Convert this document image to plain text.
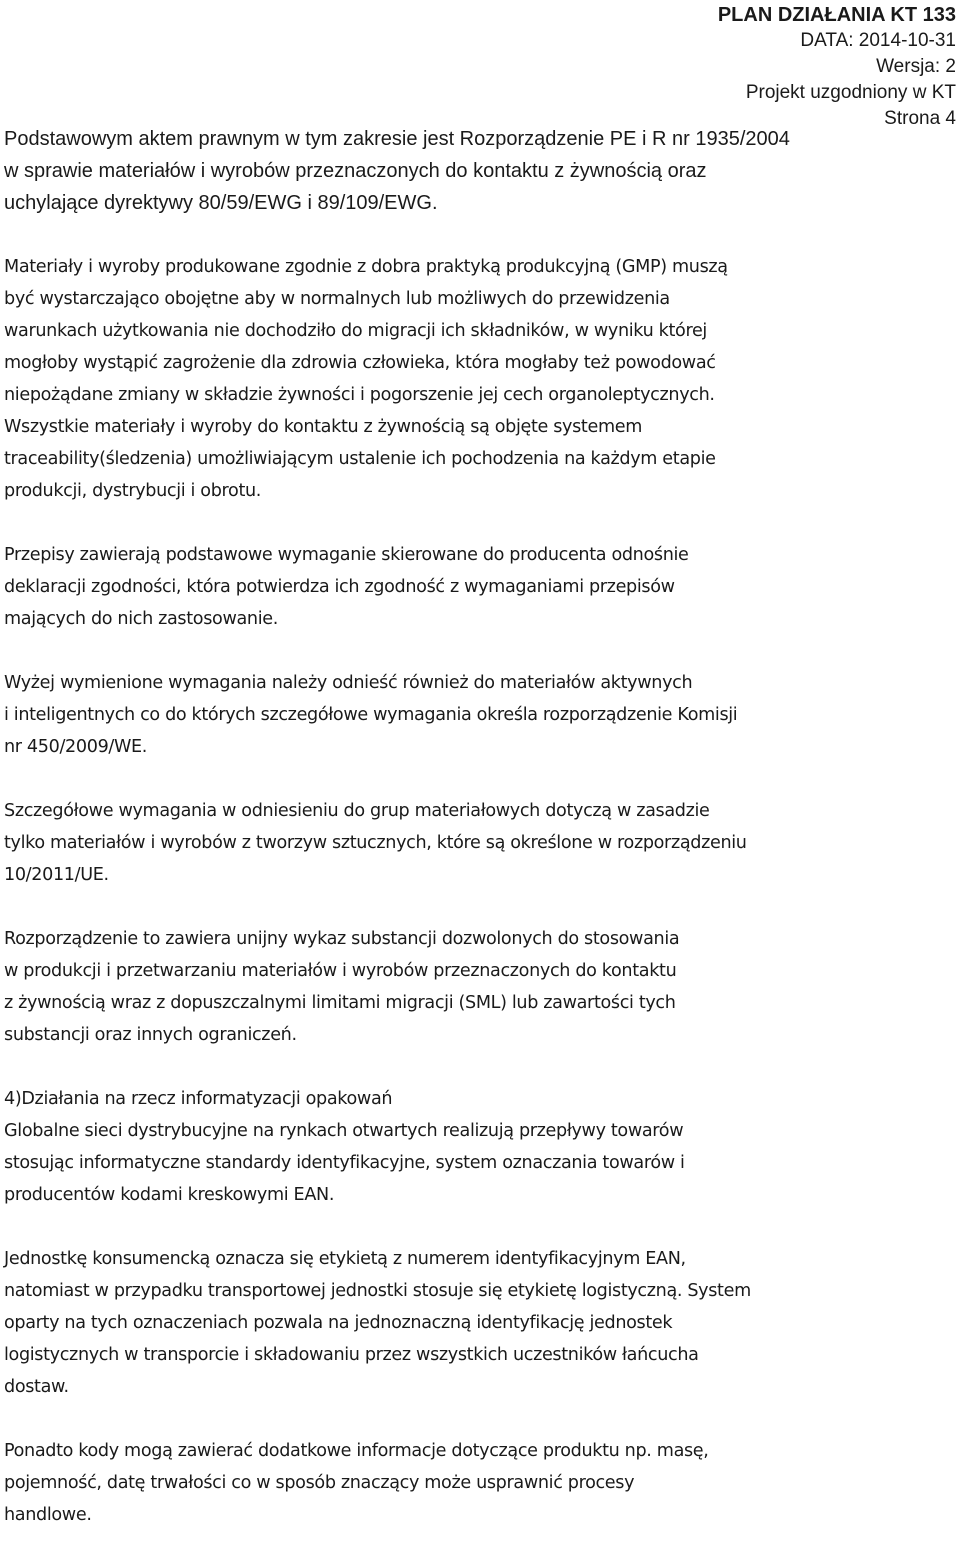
PLAN DZIAŁANIA KT 133
DATA: 2014-10-31
Wersja: 2
Projekt uzgodniony w KT
Strona 4
Podstawowym aktem prawnym w tym zakresie jest Rozporządzenie PE i R nr 1935/2004
w sprawie materiałów i wyrobów przeznaczonych do kontaktu z żywnością oraz
uchylające dyrektywy 80/59/EWG i 89/109/EWG.
Materiały i wyroby produkowane zgodnie z dobra praktyką produkcyjną (GMP) muszą
być wystarczająco obojętne aby w normalnych lub możliwych do przewidzenia
warunkach użytkowania nie dochodziło do migracji ich składników, w wyniku której
mogłoby wystąpić zagrożenie dla zdrowia człowieka, która mogłaby też powodować
niepożądane zmiany w składzie żywności i pogorszenie jej cech organoleptycznych.
Wszystkie materiały i wyroby do kontaktu z żywnością są objęte systemem
traceability(śledzenia) umożliwiającym ustalenie ich pochodzenia na każdym etapie
produkcji, dystrybucji i obrotu.
Przepisy zawierają podstawowe wymaganie skierowane do producenta odnośnie
deklaracji zgodności, która potwierdza ich zgodność z wymaganiami przepisów
mających do nich zastosowanie.
Wyżej wymienione wymagania należy odnieść również do materiałów aktywnych
i inteligentnych co do których szczegółowe wymagania określa rozporządzenie Komisji
nr 450/2009/WE.
Szczegółowe wymagania w odniesieniu do grup materiałowych dotyczą w zasadzie
tylko materiałów i wyrobów z tworzyw sztucznych, które są określone w rozporządzeniu
10/2011/UE.
Rozporządzenie to zawiera unijny wykaz substancji dozwolonych do stosowania
w produkcji i przetwarzaniu materiałów i wyrobów przeznaczonych do kontaktu
z żywnością wraz z dopuszczalnymi limitami migracji (SML) lub zawartości tych
substancji oraz innych ograniczeń.
4)Działania na rzecz informatyzacji opakowań
Globalne sieci dystrybucyjne na rynkach otwartych realizują przepływy towarów
stosując informatyczne standardy identyfikacyjne, system oznaczania towarów i
producentów kodami kreskowymi EAN.
Jednostkę konsumencką oznacza się etykietą z numerem identyfikacyjnym EAN,
natomiast w przypadku transportowej jednostki stosuje się etykietę logistyczną. System
oparty na tych oznaczeniach pozwala na jednoznaczną identyfikację jednostek
logistycznych w transporcie i składowaniu przez wszystkich uczestników łańcucha
dostaw.
Ponadto kody mogą zawierać dodatkowe informacje dotyczące produktu np. masę,
pojemność, datę trwałości co w sposób znaczący może usprawnić procesy
handlowe.
